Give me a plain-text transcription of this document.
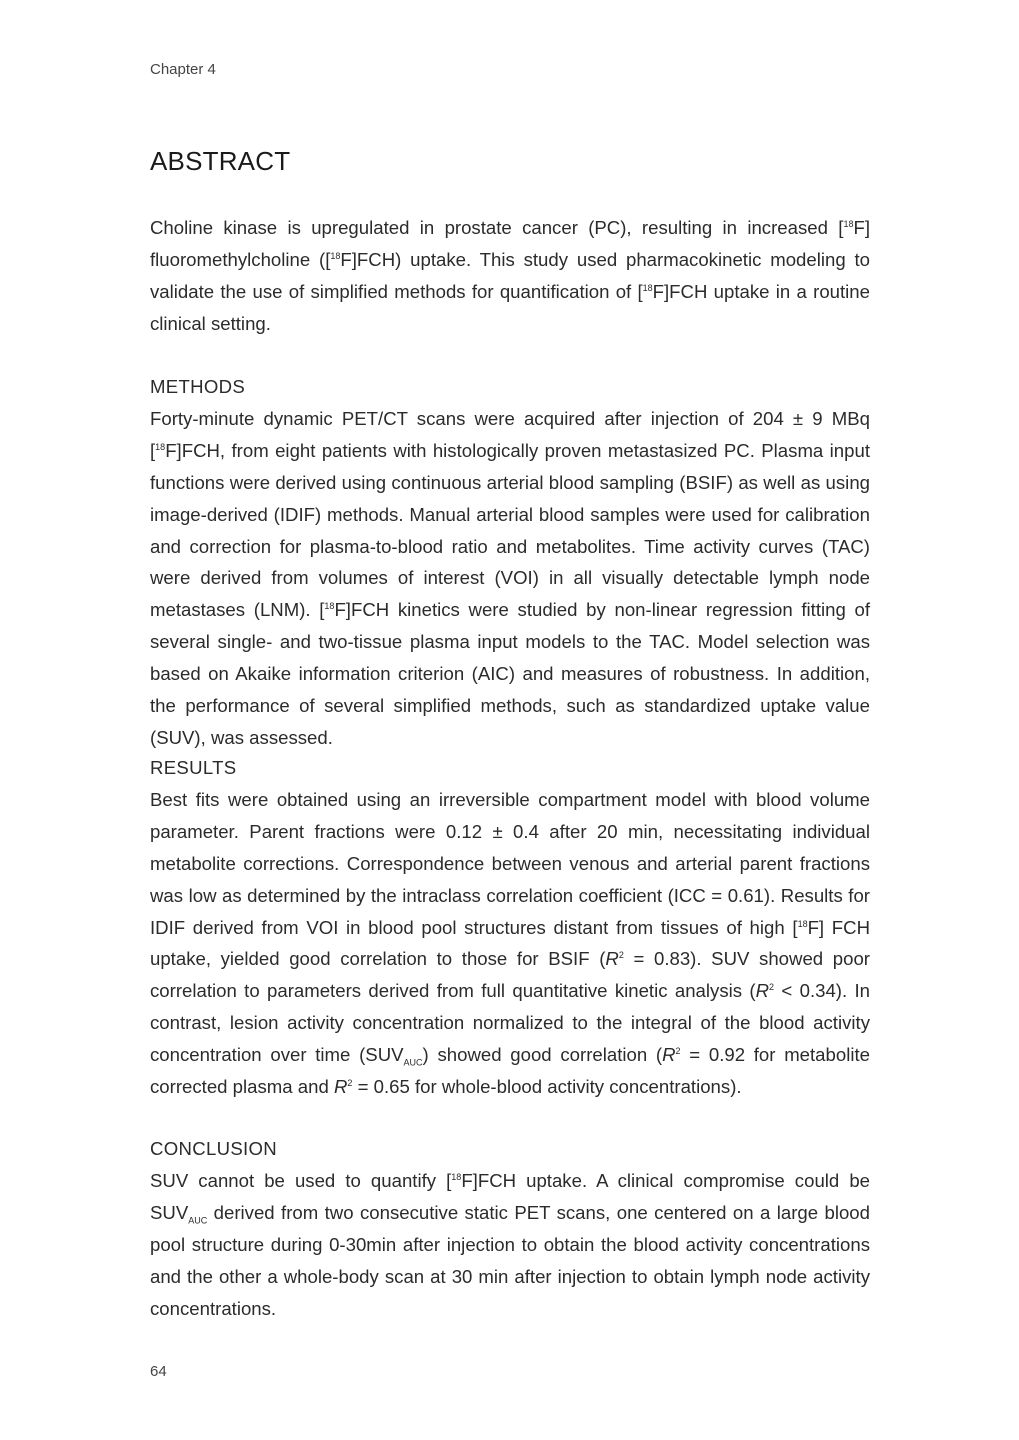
Chapter 4
ABSTRACT

Choline kinase is upregulated in prostate cancer (PC), resulting in increased [$^{18}$F] fluoromethylcholine ([$^{18}$F]FCH) uptake. This study used pharmacokinetic modeling to validate the use of simplified methods for quantification of [$^{18}$F]FCH uptake in a routine clinical setting.

METHODS

Forty-minute dynamic PET/CT scans were acquired after injection of 204 ± 9 MBq [$^{18}$F]FCH, from eight patients with histologically proven metastasized PC. Plasma input functions were derived using continuous arterial blood sampling (BSIF) as well as using image-derived (IDIF) methods. Manual arterial blood samples were used for calibration and correction for plasma-to-blood ratio and metabolites. Time activity curves (TAC) were derived from volumes of interest (VOI) in all visually detectable lymph node metastases (LNM). [$^{18}$F]FCH kinetics were studied by non-linear regression fitting of several single- and two-tissue plasma input models to the TAC. Model selection was based on Akaike information criterion (AIC) and measures of robustness. In addition, the performance of several simplified methods, such as standardized uptake value (SUV), was assessed.

RESULTS

Best fits were obtained using an irreversible compartment model with blood volume parameter. Parent fractions were 0.12 ± 0.4 after 20 min, necessitating individual metabolite corrections. Correspondence between venous and arterial parent fractions was low as determined by the intraclass correlation coefficient (ICC = 0.61). Results for IDIF derived from VOI in blood pool structures distant from tissues of high [$^{18}$F] FCH uptake, yielded good correlation to those for BSIF $(R^2 = 0.83)$. SUV showed poor correlation to parameters derived from full quantitative kinetic analysis $(R^2 < 0.34)$. In contrast, lesion activity concentration normalized to the integral of the blood activity concentration over time $(SUV_{AUC})$ showed good correlation ($R^2 = 0.92$ for metabolite corrected plasma and $R^2 = 0.65$ for whole-blood activity concentrations).

CONCLUSION

SUV cannot be used to quantify [$^{18}$F]FCH uptake. A clinical compromise could be $SUV_{AUC}$ derived from two consecutive static PET scans, one centered on a large blood pool structure during 0-30min after injection to obtain the blood activity concentrations and the other a whole-body scan at 30 min after injection to obtain lymph node activity concentrations.

64
